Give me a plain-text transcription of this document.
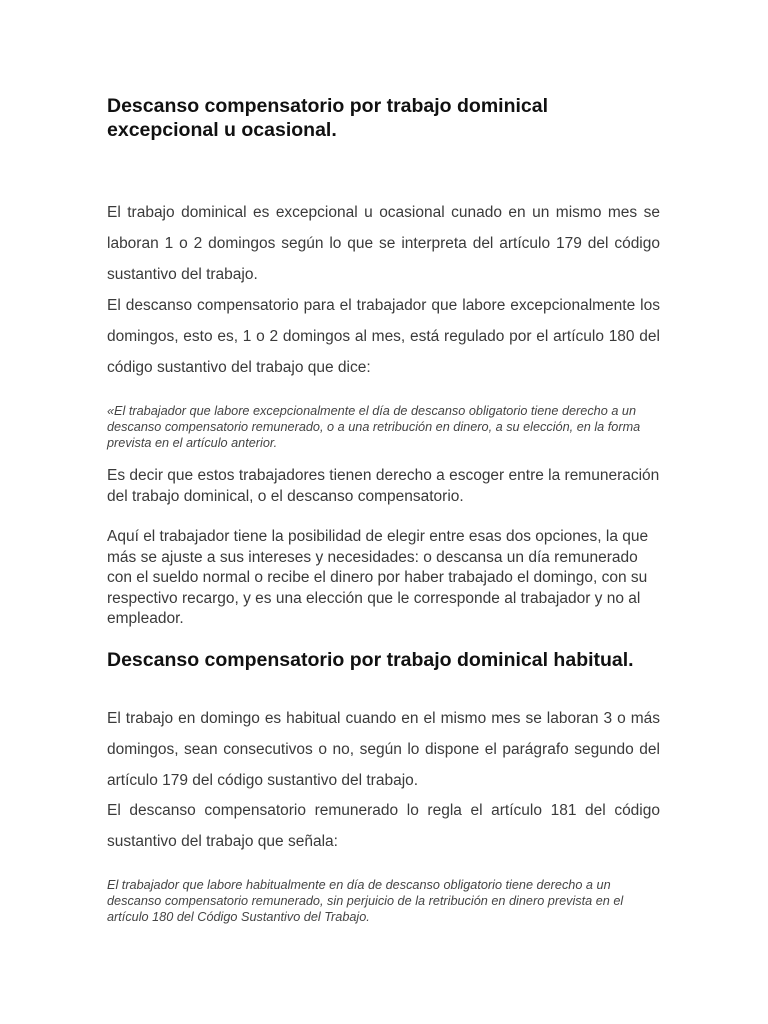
Descanso compensatorio por trabajo dominical excepcional u ocasional.

El trabajo dominical es excepcional u ocasional cunado en un mismo mes se laboran 1 o 2 domingos según lo que se interpreta del artículo 179 del código sustantivo del trabajo.

El descanso compensatorio para el trabajador que labore excepcionalmente los domingos, esto es, 1 o 2 domingos al mes, está regulado por el artículo 180 del código sustantivo del trabajo que dice:

«El trabajador que labore excepcionalmente el día de descanso obligatorio tiene derecho a un descanso compensatorio remunerado, o a una retribución en dinero, a su elección, en la forma prevista en el artículo anterior.

Es decir que estos trabajadores tienen derecho a escoger entre la remuneración del trabajo dominical, o el descanso compensatorio.

Aquí el trabajador tiene la posibilidad de elegir entre esas dos opciones, la que más se ajuste a sus intereses y necesidades: o descansa un día remunerado con el sueldo normal o recibe el dinero por haber trabajado el domingo, con su respectivo recargo, y es una elección que le corresponde al trabajador y no al empleador.

Descanso compensatorio por trabajo dominical habitual.

El trabajo en domingo es habitual cuando en el mismo mes se laboran 3 o más domingos, sean consecutivos o no, según lo dispone el parágrafo segundo del artículo 179 del código sustantivo del trabajo.

El descanso compensatorio remunerado lo regla el artículo 181 del código sustantivo del trabajo que señala:

El trabajador que labore habitualmente en día de descanso obligatorio tiene derecho a un descanso compensatorio remunerado, sin perjuicio de la retribución en dinero prevista en el artículo 180 del Código Sustantivo del Trabajo.
